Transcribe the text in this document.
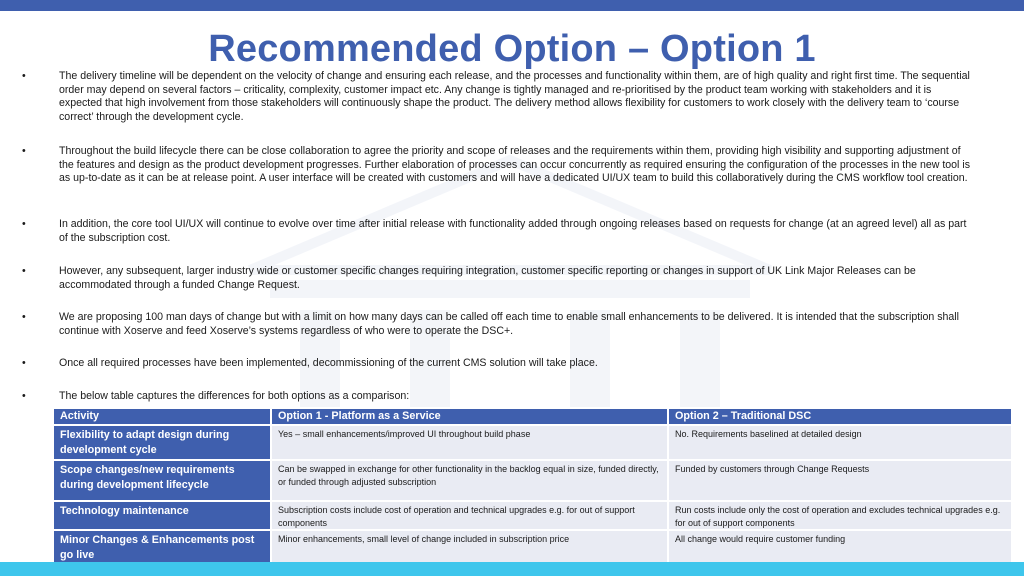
Recommended Option – Option 1
•	The delivery timeline will be dependent on the velocity of change and ensuring each release, and the processes and functionality within them, are of high quality and right first time. The sequential order may depend on several factors – criticality, complexity, customer impact etc. Any change is tightly managed and re-prioritised by the product team working with stakeholders and it is expected that high involvement from those stakeholders will continuously shape the product. The delivery method allows flexibility for customers to work closely with the delivery team to ‘course correct’ through the development cycle.
•	Throughout the build lifecycle there can be close collaboration to agree the priority and scope of releases and the requirements within them, providing high visibility and supporting adjustment of the features and design as the product development progresses. Further elaboration of processes can occur concurrently as required ensuring the configuration of the processes in the new tool is as up-to-date as it can be at release point. A user interface will be created with customers and will have a dedicated UI/UX team to build this collaboratively during the CMS workflow tool creation.
•	In addition, the core tool UI/UX will continue to evolve over time after initial release with functionality added through ongoing releases based on requests for change (at an agreed level) all as part of the subscription cost.
•	However, any subsequent, larger industry wide or customer specific changes requiring integration, customer specific reporting or changes in support of UK Link Major Releases can be accommodated through a funded Change Request.
•	We are proposing 100 man days of change but with a limit on how many days can be called off each time to enable small enhancements to be delivered. It is intended that the subscription shall continue with Xoserve and feed Xoserve’s systems regardless of who were to operate the DSC+.
•	Once all required processes have been implemented, decommissioning of the current CMS solution will take place.
•	The below table captures the differences for both options as a comparison:
Activity	Option 1 - Platform as a Service	Option 2 – Traditional DSC
Flexibility to adapt design during development cycle	Yes – small enhancements/improved UI throughout build phase	No. Requirements baselined at detailed design
Scope changes/new requirements during development lifecycle	Can be swapped in exchange for other functionality in the backlog equal in size, funded directly, or funded through adjusted subscription	Funded by customers through Change Requests
Technology maintenance	Subscription costs include cost of operation and technical upgrades e.g. for out of support components	Run costs include only the cost of operation and excludes technical upgrades e.g. for out of support components
Minor Changes & Enhancements post go live	Minor enhancements, small level of change included in subscription price	All change would require customer funding
